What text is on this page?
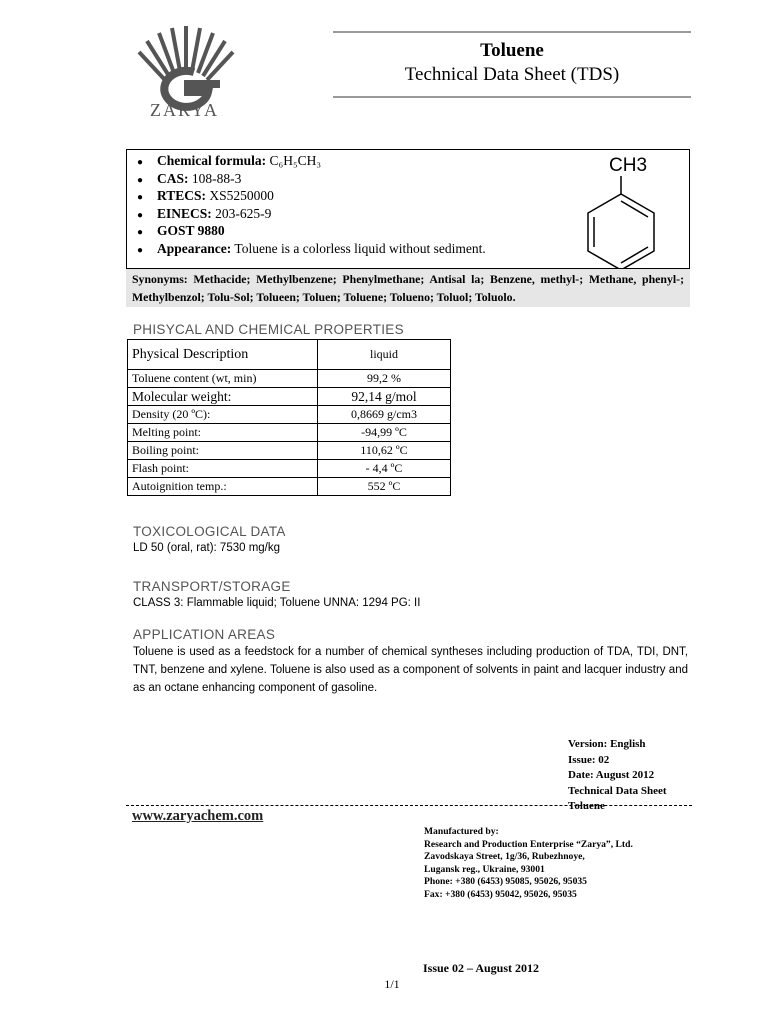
ZARYA
Toluene
Technical Data Sheet (TDS)
● Chemical formula: C₆H₅CH₃
● CAS: 108-88-3
● RTECS: XS5250000
● EINECS: 203-625-9
● GOST 9880
● Appearance: Toluene is a colorless liquid without sediment.
CH3
Synonyms: Methacide; Methylbenzene; Phenylmethane; Antisal la; Benzene, methyl-; Methane, phenyl-; Methylbenzol; Tolu-Sol; Tolueen; Toluen; Toluene; Tolueno; Toluol; Toluolo.
PHISYCAL AND CHEMICAL PROPERTIES
Physical Description	liquid
Toluene content (wt, min)	99,2 %
Molecular weight:	92,14 g/mol
Density (20 ºC):	0,8669 g/cm3
Melting point:	-94,99 ºC
Boiling point:	110,62 ºC
Flash point:	- 4,4 ºC
Autoignition temp.:	552 ºC
TOXICOLOGICAL DATA
LD 50 (oral, rat): 7530 mg/kg
TRANSPORT/STORAGE
CLASS 3: Flammable liquid; Toluene UNNA: 1294 PG: II
APPLICATION AREAS
Toluene is used as a feedstock for a number of chemical syntheses including production of TDA, TDI, DNT, TNT, benzene and xylene. Toluene is also used as a component of solvents in paint and lacquer industry and as an octane enhancing component of gasoline.
Version: English
Issue: 02
Date: August 2012
Technical Data Sheet
Toluene
www.zaryachem.com
Manufactured by:
Research and Production Enterprise “Zarya”, Ltd.
Zavodskaya Street, 1g/36, Rubezhnoye,
Lugansk reg., Ukraine, 93001
Phone: +380 (6453) 95085, 95026, 95035
Fax: +380 (6453) 95042, 95026, 95035
Issue 02 – August 2012
1/1
